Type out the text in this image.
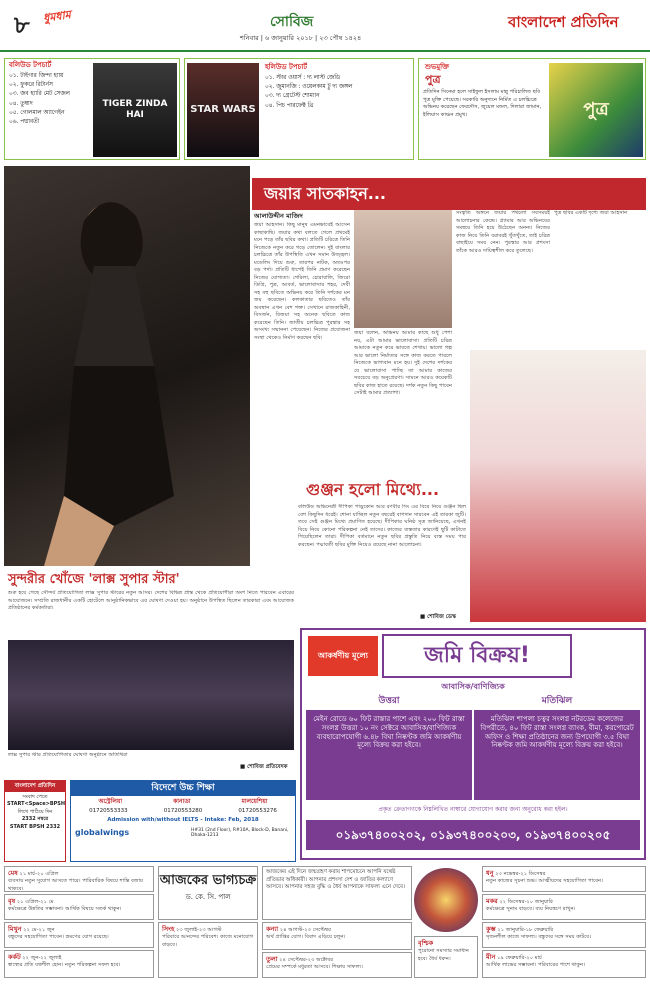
৮ ধুমধাম	সোবিজ
শনিবার | ৬ জানুয়ারি ২০১৮ | ২৩ পৌষ ১৪২৪
বাংলাদেশ প্রতিদিন
বলিউড টপচার্ট
TIGER ZINDA HAI
০১. টাইগার জিন্দা হ্যায়
০২. ফুকরে রিটার্নস
০৩. জব হ্যারি মেট সেজল
০৪. তুম্বাদ
০৫. গোলমাল অ্যাগেইন
০৬. পদ্মাবতী
হলিউড টপচার্ট
STAR WARS
০১. স্টার ওয়ার্স : দ্য লাস্ট জেডি
০২. জুমানজি : ওয়েলকাম টু দ্য জঙ্গল
০৩. দ্য গ্রেটেস্ট শোম্যান
০৪. পিচ পারফেক্ট থ্রি
শুভমুক্তি
পুত্র
প্রতিদিন সিনেমা হলে সাইফুল ইসলাম মান্নু পরিচালিত ছবি পুত্র মুক্তি পেয়েছে। সরকারি অনুদানে নির্মিত এ চলচ্চিত্রে অভিনয় করেছেন ফেরদৌস, জুয়েল মন্ডল, দিলারা জামান, ইলিয়াস কাঞ্চন প্রমুখ।	পুত্র
জয়ার সাতকাহন...
আলাউদ্দীন মাজিদ
জয়া আহসান। কিছু মানুষ এমনভাবেই আসেন কাছাকাছি। জয়ার কথা বলতে গেলে প্রথমেই মনে পড়ে তাঁর ছবির কথা। প্রতিটি চরিত্রে তিনি নিজেকে নতুন করে গড়ে তোলেন। দুই বাংলার চলচ্চিত্রে তাঁর উপস্থিতি এখন সমান উজ্জ্বল। মডেলিং দিয়ে শুরু, তারপর নাটক, অতঃপর বড় পর্দা। প্রতিটি ধাপেই তিনি প্রমাণ করেছেন নিজের যোগ্যতা। গেরিলা, চোরাবালি, জিরো ডিগ্রি, পুত্র, আবর্ত, ভালোবাসার শহর, দেবী সহ বহু ছবিতে অভিনয় করে তিনি দর্শকের মন জয় করেছেন। কলকাতার ছবিতেও তাঁর অবস্থান এখন বেশ শক্ত। সেখানে রাজকাহিনী, বিসর্জন, বিজয়া সহ অনেক ছবিতে কাজ করেছেন তিনি। জাতীয় চলচ্চিত্র পুরস্কার সহ অসংখ্য সম্মাননা পেয়েছেন। নিজের প্রযোজনা সংস্থা থেকেও নির্মাণ করছেন ছবি।
জয়া বলেন, অভিনয় আমার কাছে শুধু পেশা নয়, এটা আমার ভালোবাসা। প্রতিটি চরিত্র আমাকে নতুন করে ভাবতে শেখায়। ভালো গল্প আর ভালো নির্মাতার সঙ্গে কাজ করতে পারলে নিজেকে ভাগ্যবান মনে হয়। দুই দেশের দর্শকের যে ভালোবাসা পাচ্ছি তা আমার কাজের সবচেয়ে বড় অনুপ্রেরণা। সামনে আরও কয়েকটি ছবির কাজ হাতে রয়েছে। দর্শক নতুন কিছু পাবেন সেটাই আমার প্রত্যাশা।
সংস্কৃতি অঙ্গনে জয়ার পথচলা সবসময়ই আলোচনার কেন্দ্রে। গ্ল্যামার আর অভিনয়ের সমন্বয়ে তিনি হয়ে উঠেছেন অনন্য। নিজের কাজ নিয়ে তিনি বরাবরই খুঁতখুঁতে, তাই চরিত্র বাছাইয়ে সময় নেন। পুরস্কার আর প্রশংসা তাঁকে আরও দায়িত্বশীল করে তুলেছে।
পুত্র ছবির একটি দৃশ্যে জয়া আহসান
গুঞ্জন হলো মিথ্যে...
বলিউড অভিনেত্রী দীপিকা পাড়ুকোন আর রণবীর সিং এর বিয়ে নিয়ে গুঞ্জন ছিল বেশ কিছুদিন ধরেই। শোনা যাচ্ছিল নতুন বছরেই বাগদান সারবেন এই তারকা জুটি। তবে সেই গুঞ্জন মিথ্যে প্রমাণিত হয়েছে। দীপিকার ঘনিষ্ঠ সূত্র জানিয়েছে, এখনই বিয়ে নিয়ে কোনো পরিকল্পনা নেই তাদের। কাজের ব্যস্ততার কারণেই ছুটি কাটাতে গিয়েছিলেন তারা। দীপিকা বর্তমানে নতুন ছবির প্রস্তুতি নিয়ে ব্যস্ত সময় পার করছেন। পদ্মাবতী ছবির মুক্তি নিয়েও রয়েছে নানা আলোচনা।
■ শোবিজ ডেস্ক
সুন্দরীর খোঁজে 'লাক্স সুপার স্টার'
শুরু হয়ে গেছে সৌন্দর্য প্রতিযোগিতা লাক্স সুপার স্টারের নতুন আসর। দেশের বিভিন্ন প্রান্ত থেকে প্রতিযোগীরা অংশ নিতে পারবেন এবারের আয়োজনে। সম্প্রতি রাজধানীর একটি হোটেলে আনুষ্ঠানিকভাবে এর ঘোষণা দেওয়া হয়। অনুষ্ঠানে উপস্থিত ছিলেন তারকারা এবং আয়োজক প্রতিষ্ঠানের কর্মকর্তারা।
লাক্স সুপার স্টার প্রতিযোগিতার ঘোষণা অনুষ্ঠানে অতিথিরা
■ শোবিজ প্রতিবেদক
বাংলাদেশ প্রতিদিন
সংবাদ পেতে
START<Space>BPSH
লিখে পাঠিয়ে দিন
2332 নম্বরে
START BPSH 2332
বিদেশে উচ্চ শিক্ষা
অস্ট্রেলিয়া	কানাডা	মালয়েশিয়া
01720553333	01720553280	01720553276
Admission with/without IELTS - Intake: Feb, 2018
globalwings	H#31 (2nd Floor), R#10A, Block-D, Banani, Dhaka-1213
আকর্ষণীয় মূল্যে	জমি বিক্রয়!
আবাসিক/বাণিজ্যিক
উত্তরা	মতিঝিল
মেইন রোডে ৬০ ফিট রাস্তার পাশে এবং ২০০ ফিট রাস্তা সংলগ্ন উত্তরা ১০ নং সেক্টরে আবাসিক/বাণিজ্যিক ব্যবহারোপযোগী ৬.৪৮ বিঘা নিষ্কণ্টক জমি আকর্ষণীয় মূল্যে বিক্রয় করা হইবে।
মতিঝিল শাপলা চত্বর সংলগ্ন নটরডেম কলেজের বিপরীতে, ৪০ ফিট রাস্তা সংলগ্ন ব্যাংক, বীমা, করপোরেট অফিস ও শিক্ষা প্রতিষ্ঠানের জন্য উপযোগী ৩.৫ বিঘা নিষ্কণ্টক জমি আকর্ষণীয় মূল্যে বিক্রয় করা হইবে।
প্রকৃত ক্রেতাগণকে নিম্নলিখিত নাম্বারে যোগাযোগ করার জন্য অনুরোধ করা হইল।
০১৯৩৭৪০০২০২, ০১৯৩৭৪০০২০৩, ০১৯৩৭৪০০২০৫
মেষ ২১ মার্চ-২০ এপ্রিল
ব্যবসায় নতুন সুযোগ আসতে পারে। পারিবারিক বিষয়ে শান্তি বজায় থাকবে।
বৃষ ২১ এপ্রিল-২১ মে
কর্মক্ষেত্রে উন্নতির সম্ভাবনা। আর্থিক বিষয়ে সতর্ক থাকুন।
মিথুন ২২ মে-২১ জুন
বন্ধুদের সহযোগিতা পাবেন। ভ্রমণের যোগ রয়েছে।
কর্কট ২২ জুন-২২ জুলাই
স্বাস্থ্যের প্রতি যত্নশীল হোন। নতুন পরিকল্পনা সফল হবে।
আজকের ভাগ্যচক্র
ড. কে. সি. পাল
সিংহ ২৩ জুলাই-২৩ আগস্ট
পরিবারে আনন্দের পরিবেশ। কাজে মনোযোগ বাড়বে।
আজকের এই দিনে জন্মগ্রহণ করায় শাপমোচনে আপনি যথেষ্ট প্রতিভার অধিকারী। আপনার প্রশংসা দেশ ও জাতির কল্যাণে আসবে। আপনার সহজ বুদ্ধি ও ধৈর্য আপনাকে সাফল্য এনে দেবে।
কন্যা ২৪ আগস্ট-২৩ সেপ্টেম্বর
অর্থ প্রাপ্তির যোগ। বিবাদ এড়িয়ে চলুন।
তুলা ২৪ সেপ্টেম্বর-২৩ অক্টোবর
প্রেমের সম্পর্কে মধুরতা আসবে। শিক্ষায় সাফল্য।
বৃশ্চিক
পুরোনো সমস্যার সমাধান হবে। ধৈর্য ধরুন।
ধনু ২৩ নভেম্বর-২১ ডিসেম্বর
নতুন কাজের সূচনা শুভ। আত্মীয়দের সহযোগিতা পাবেন।
মকর ২২ ডিসেম্বর-২০ জানুয়ারি
কর্মক্ষেত্রে সুনাম বাড়বে। ব্যয় নিয়ন্ত্রণে রাখুন।
কুম্ভ ২১ জানুয়ারি-১৮ ফেব্রুয়ারি
সৃজনশীল কাজে সাফল্য। বন্ধুদের সঙ্গে সময় কাটবে।
মীন ১৯ ফেব্রুয়ারি-২০ মার্চ
আর্থিক লাভের সম্ভাবনা। পরিবারের পাশে থাকুন।
